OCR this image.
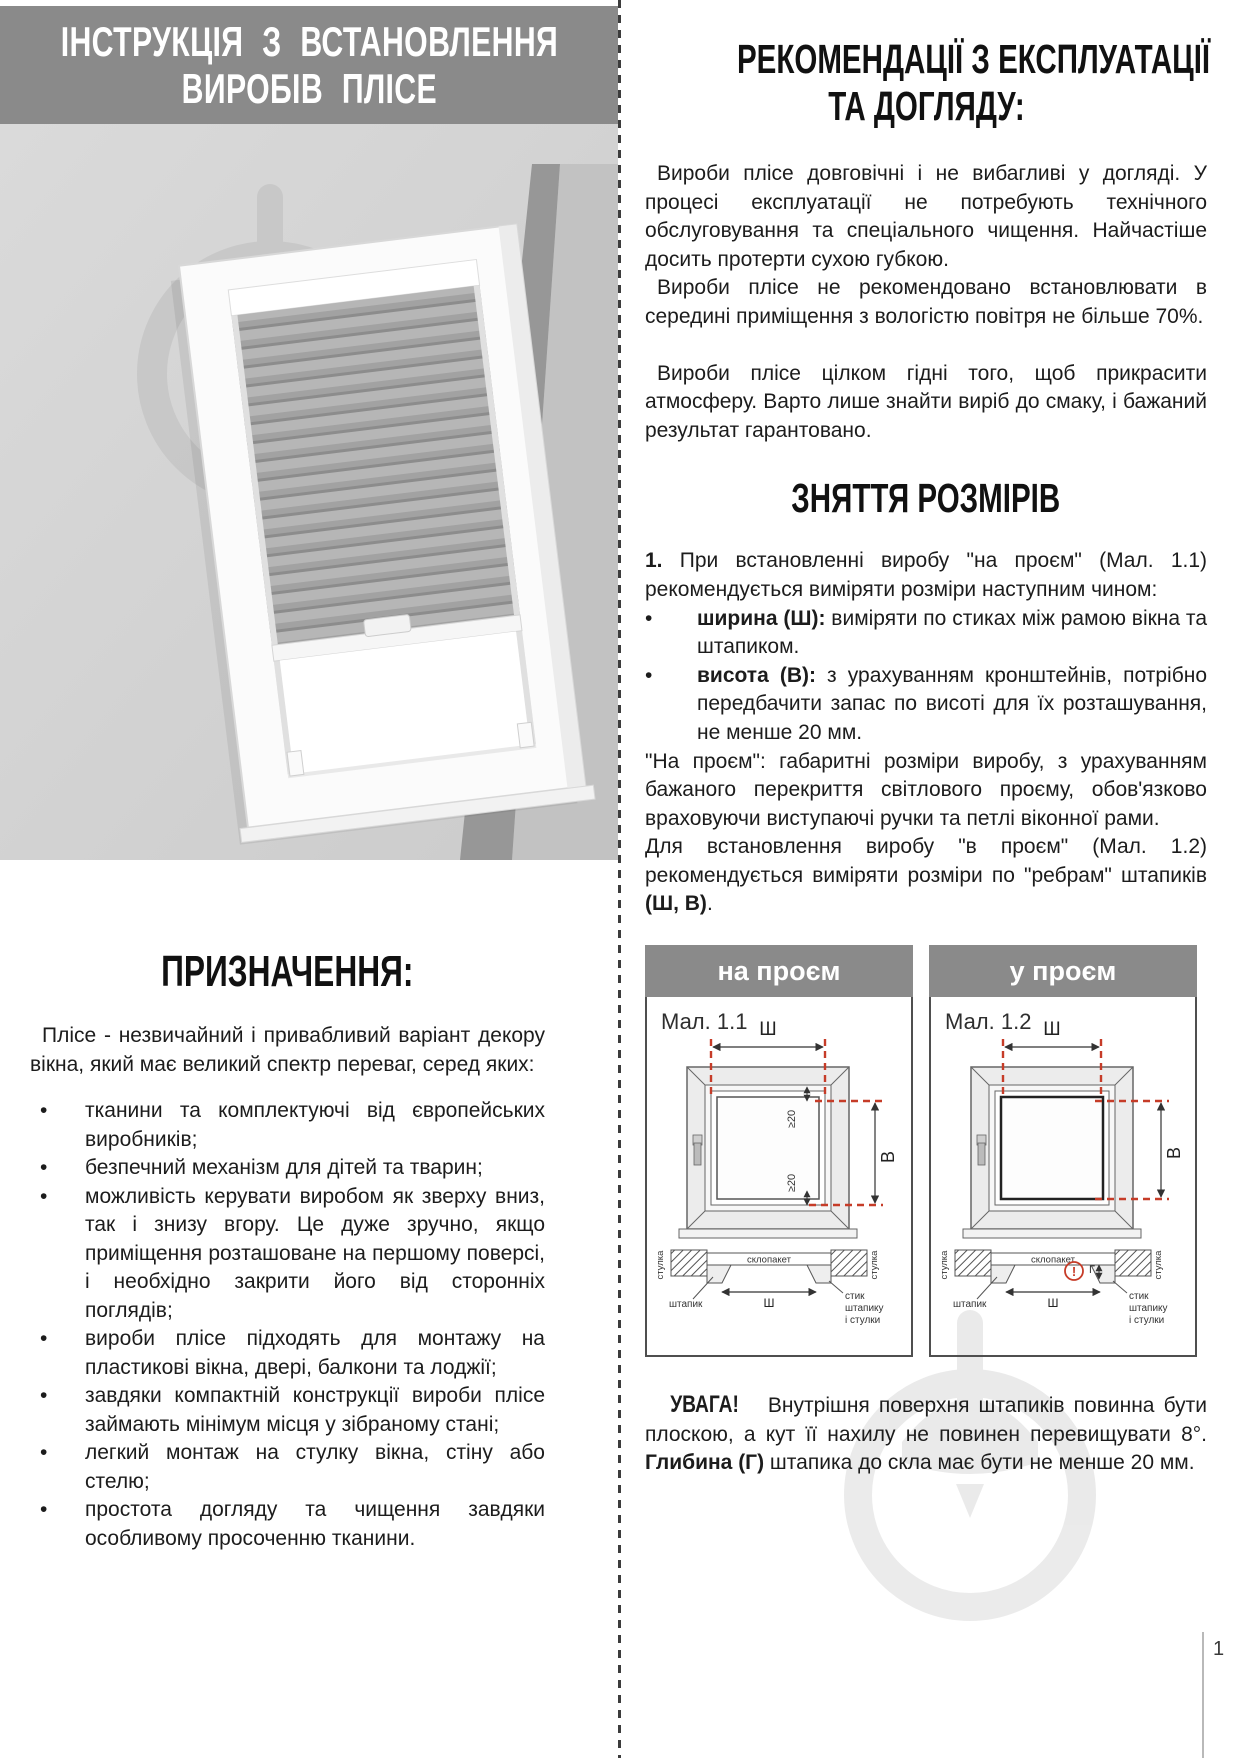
ІНСТРУКЦІЯ З ВСТАНОВЛЕННЯ
ВИРОБІВ ПЛІСЕ
ПРИЗНАЧЕННЯ:

Плісе - незвичайний і привабливий варіант декору вікна, який має великий спектр переваг, серед яких:

•	тканини та комплектуючі від європейських виробників;
•	безпечний механізм для дітей та тварин;
•	можливість керувати виробом як зверху вниз, так і знизу вгору. Це дуже зручно, якщо приміщення розташоване на першому поверсі, і необхідно закрити його від сторонніх поглядів;
•	вироби плісе підходять для монтажу на пластикові вікна, двері, балкони та лоджії;
•	завдяки компактній конструкції вироби плісе займають мінімум місця у зібраному стані;
•	легкий монтаж на стулку вікна, стіну або стелю;
•	простота догляду та чищення завдяки особливому просоченню тканини.
РЕКОМЕНДАЦІЇ З ЕКСПЛУАТАЦІЇ
ТА ДОГЛЯДУ:

Вироби плісе довговічні і не вибагливі у догляді. У процесі експлуатації не потребують технічного обслуговування та спеціального чищення. Найчастіше досить протерти сухою губкою.

Вироби плісе не рекомендовано встановлювати в середині приміщення з вологістю повітря не більше 70%.

Вироби плісе цілком гідні того, щоб прикрасити атмосферу. Варто лише знайти виріб до смаку, і бажаний результат гарантовано.

ЗНЯТТЯ РОЗМІРІВ

1. При встановленні виробу "на проєм" (Мал. 1.1) рекомендується виміряти розміри наступним чином:

•	ширина (Ш): виміряти по стиках між рамою вікна та штапиком.
•	висота (В): з урахуванням кронштейнів, потрібно передбачити запас по висоті для їх розташування, не менше 20 мм.

"На проєм": габаритні розміри виробу, з урахуванням бажаного перекриття світлового проєму, обов'язково враховуючи виступаючі ручки та петлі віконної рами.

Для встановлення виробу "в проєм" (Мал. 1.2) рекомендується виміряти розміри по "ребрам" штапиків (Ш, В).

на проєм
Мал. 1.1 Ш
В
≥20
≥20
стулка	стулка
склопакет
Ш
штапик
стик штапику і стулки
у проєм
Мал. 1.2 Ш
В
стулка	стулка
склопакет
! Г
Ш
штапик
стик штапику і стулки

УВАГА! Внутрішня поверхня штапиків повинна бути плоскою, а кут її нахилу не повинен перевищувати 8°. Глибина (Г) штапика до скла має бути не менше 20 мм.

1
